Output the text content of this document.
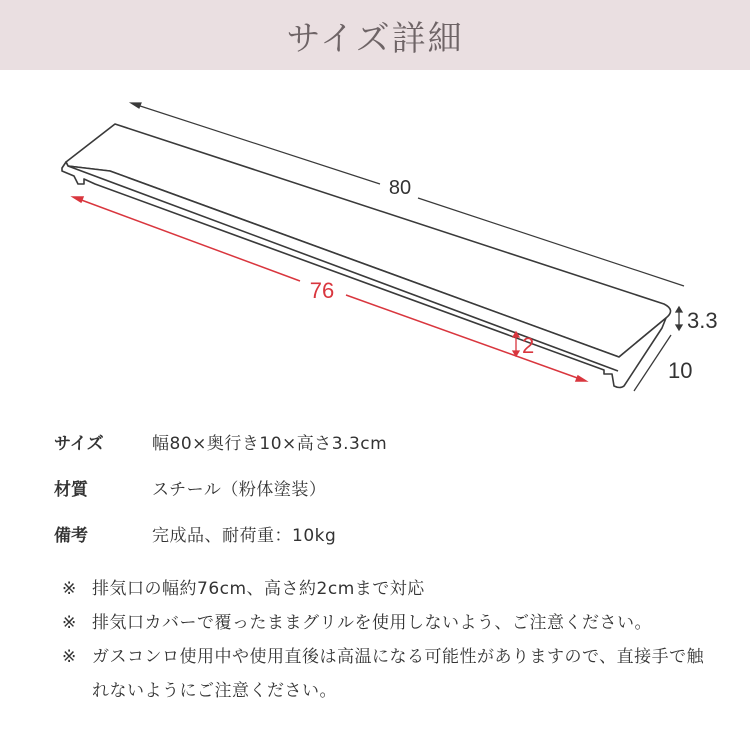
サイズ詳細
80
76
2
3.3
10
サイズ	幅80×奥行き10×高さ3.3cm
材質	スチール（粉体塗装）
備考	完成品、耐荷重：10kg
※ 排気口の幅約76cm、高さ約2cmまで対応
※ 排気口カバーで覆ったままグリルを使用しないよう、ご注意ください。
※ ガスコンロ使用中や使用直後は高温になる可能性がありますので、直接手で触れないようにご注意ください。
